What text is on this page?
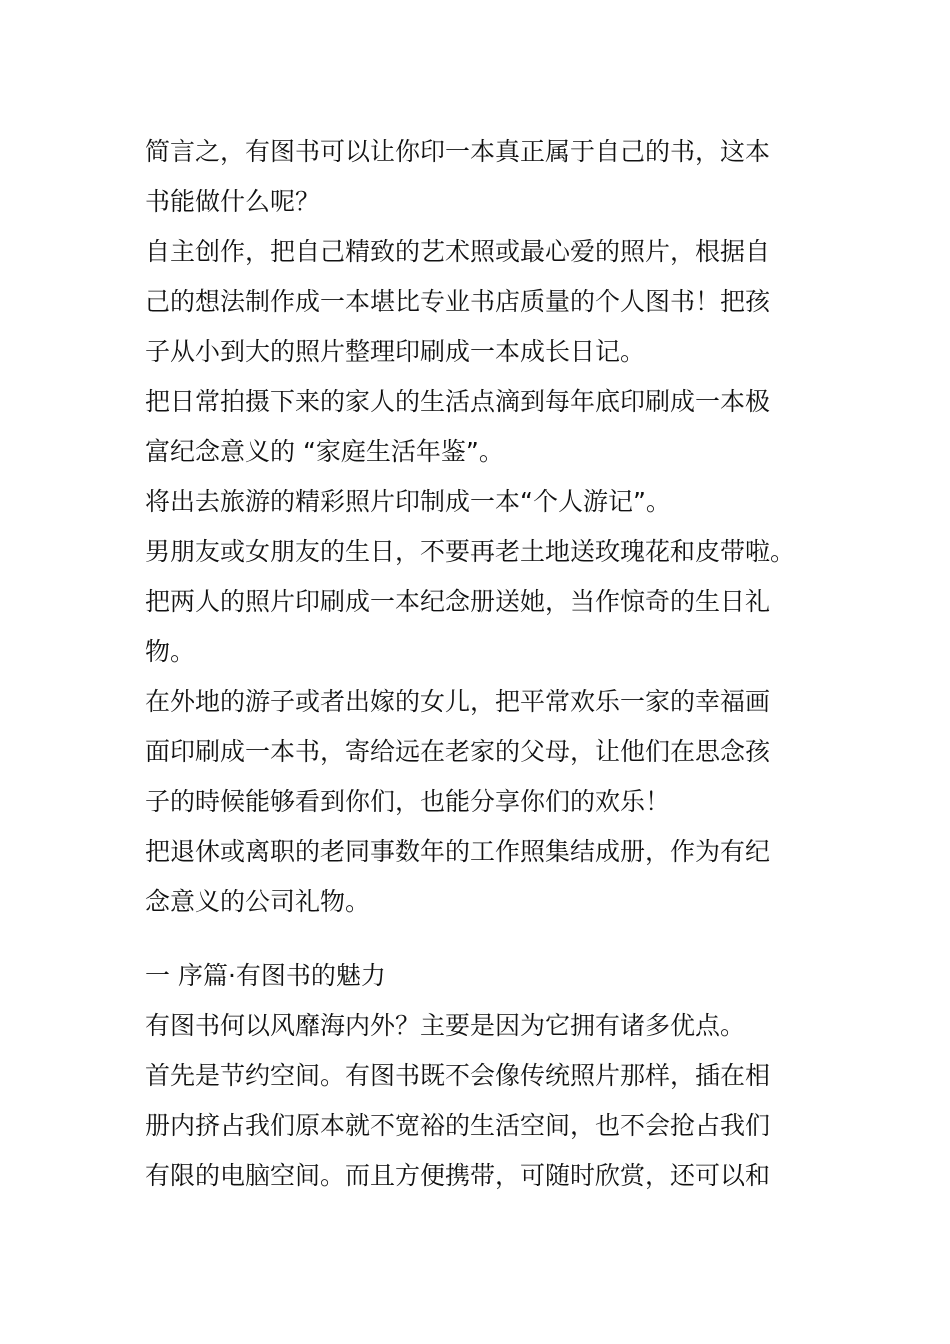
简言之，有图书可以让你印一本真正属于自己的书，这本
书能做什么呢？
自主创作，把自己精致的艺术照或最心爱的照片，根据自
己的想法制作成一本堪比专业书店质量的个人图书！把孩
子从小到大的照片整理印刷成一本成长日记。
把日常拍摄下来的家人的生活点滴到每年底印刷成一本极
富纪念意义的 “家庭生活年鉴”。
将出去旅游的精彩照片印制成一本“个人游记”。
男朋友或女朋友的生日，不要再老土地送玫瑰花和皮带啦。
把两人的照片印刷成一本纪念册送她，当作惊奇的生日礼
物。
在外地的游子或者出嫁的女儿，把平常欢乐一家的幸福画
面印刷成一本书，寄给远在老家的父母，让他们在思念孩
子的時候能够看到你们，也能分享你们的欢乐！
把退休或离职的老同事数年的工作照集结成册，作为有纪
念意义的公司礼物。
一 序篇·有图书的魅力
有图书何以风靡海内外？主要是因为它拥有诸多优点。
首先是节约空间。有图书既不会像传统照片那样，插在相
册内挤占我们原本就不宽裕的生活空间，也不会抢占我们
有限的电脑空间。而且方便携带，可随时欣赏，还可以和
